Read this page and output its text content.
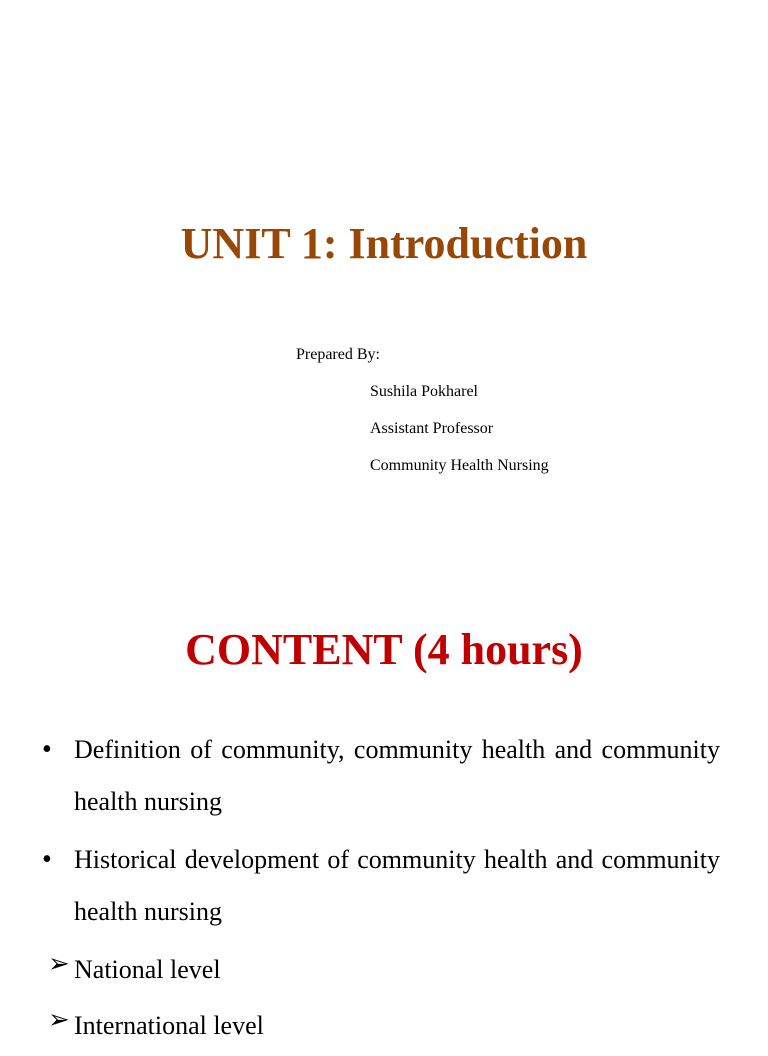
UNIT 1: Introduction
Prepared By:
Sushila Pokharel
Assistant Professor
Community Health Nursing
CONTENT (4 hours)
• Definition of community, community health and community health nursing
• Historical development of community health and community health nursing
➢ National level
➢ International level
